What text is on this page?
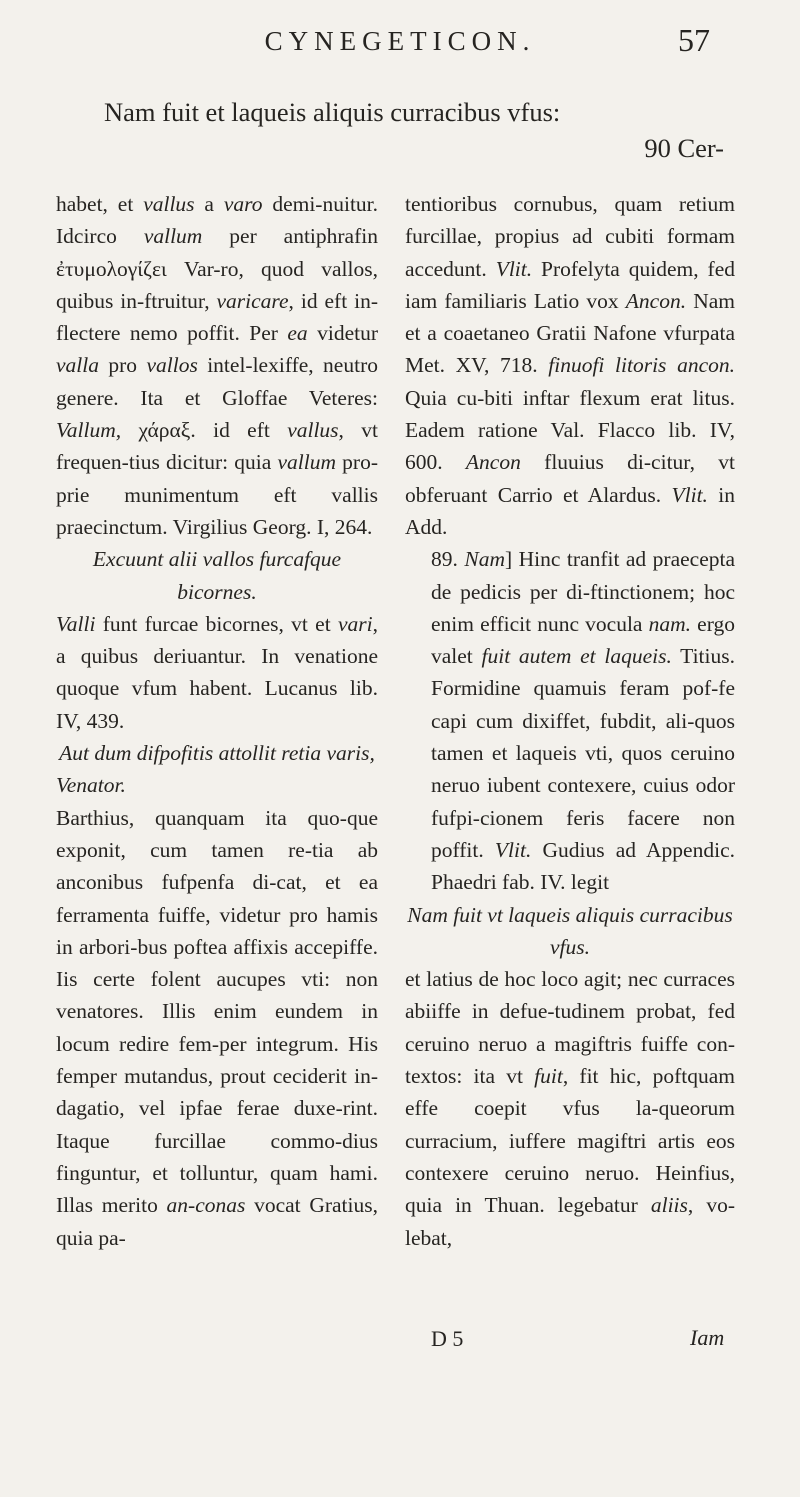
CYNEGETICON.	57
Nam fuit et laqueis aliquis curracibus vfus:
90 Cer-

habet, et vallus a varo demi-nuitur. Idcirco vallum per antiphrafin ἐτυμολογίζει Var-ro, quod vallos, quibus in-ftruitur, varicare, id eft in-flectere nemo poffit. Per ea videtur valla pro vallos intel-lexiffe, neutro genere. Ita et Gloffae Veteres: Vallum, χάραξ. id eft vallus, vt frequen-tius dicitur: quia vallum pro-prie munimentum eft vallis praecinctum. Virgilius Georg. I, 264.

Excuunt alii vallos furcafque bicornes.

Valli funt furcae bicornes, vt et vari, a quibus deriuantur. In venatione quoque vfum habent. Lucanus lib. IV, 439.

Aut dum difpofitis attollit retia varis,
Venator.

Barthius, quanquam ita quo-que exponit, cum tamen re-tia ab anconibus fufpenfa di-cat, et ea ferramenta fuiffe, videtur pro hamis in arbori-bus poftea affixis accepiffe. Iis certe folent aucupes vti: non venatores. Illis enim eundem in locum redire fem-per integrum. His femper mutandus, prout ceciderit in-dagatio, vel ipfae ferae duxe-rint. Itaque furcillae commo-dius finguntur, et tolluntur, quam hami. Illas merito an-conas vocat Gratius, quia pa-

tentioribus cornubus, quam retium furcillae, propius ad cubiti formam accedunt. Vlit. Profelyta quidem, fed iam familiaris Latio vox Ancon. Nam et a coaetaneo Gratii Nafone vfurpata Met. XV, 718. finuofi litoris ancon. Quia cu-biti inftar flexum erat litus. Eadem ratione Val. Flacco lib. IV, 600. Ancon fluuius di-citur, vt obferuant Carrio et Alardus. Vlit. in Add.

89. Nam] Hinc tranfit ad praecepta de pedicis per di-ftinctionem; hoc enim efficit nunc vocula nam. ergo valet fuit autem et laqueis. Titius. Formidine quamuis feram pof-fe capi cum dixiffet, fubdit, ali-quos tamen et laqueis vti, quos ceruino neruo iubent contexere, cuius odor fufpi-cionem feris facere non poffit. Vlit. Gudius ad Appendic. Phaedri fab. IV. legit

Nam fuit vt laqueis aliquis curracibus vfus.

et latius de hoc loco agit; nec curraces abiiffe in defue-tudinem probat, fed ceruino neruo a magiftris fuiffe con-textos: ita vt fuit, fit hic, poftquam effe coepit vfus la-queorum curracium, iuffere magiftri artis eos contexere ceruino neruo. Heinfius, quia in Thuan. legebatur aliis, vo-lebat,

D 5	Iam
